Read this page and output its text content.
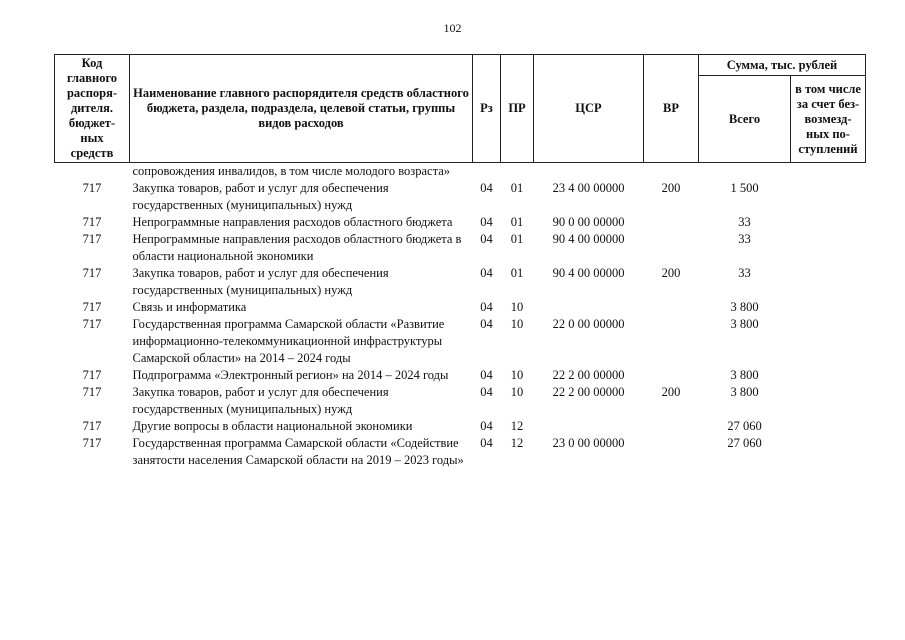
102
Код главного распоря-дителя. бюджет-ных средств	Наименование главного распорядителя средств областного бюджета, раздела, подраздела, целевой статьи, группы видов расходов	Рз	ПР	ЦСР	ВР	Сумма, тыс. рублей	
						Всего	в том числе за счет без-возмезд-ных по-ступлений
	сопровождения инвалидов, в том числе молодого возраста»						
717	Закупка товаров, работ и услуг для обеспечения государственных (муниципальных) нужд	04	01	23 4 00 00000	200	1 500	
717	Непрограммные направления расходов областного бюджета	04	01	90 0 00 00000		33	
717	Непрограммные направления расходов областного бюджета в области национальной экономики	04	01	90 4 00 00000		33	
717	Закупка товаров, работ и услуг для обеспечения государственных (муниципальных) нужд	04	01	90 4 00 00000	200	33	
717	Связь и информатика	04	10			3 800	
717	Государственная программа Самарской области «Развитие информационно-телекоммуникационной инфраструктуры Самарской области» на 2014 – 2024 годы	04	10	22 0 00 00000		3 800	
717	Подпрограмма «Электронный регион» на 2014 – 2024 годы	04	10	22 2 00 00000		3 800	
717	Закупка товаров, работ и услуг для обеспечения государственных (муниципальных) нужд	04	10	22 2 00 00000	200	3 800	
717	Другие вопросы в области национальной экономики	04	12			27 060	
717	Государственная программа Самарской области «Содействие занятости населения Самарской области на 2019 – 2023 годы»	04	12	23 0 00 00000		27 060	
